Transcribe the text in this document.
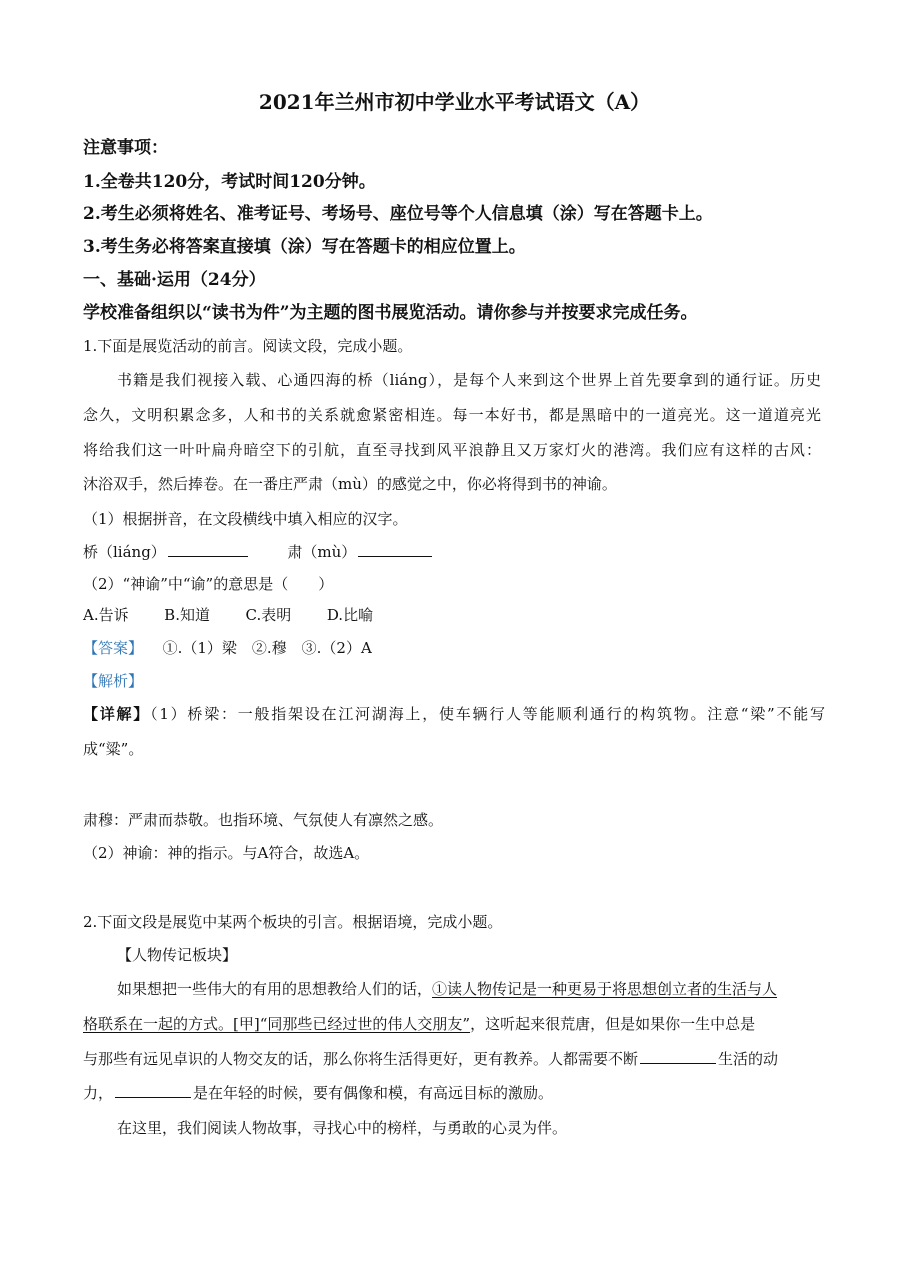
2021年兰州市初中学业水平考试语文（A）
注意事项：
1.全卷共120分，考试时间120分钟。
2.考生必须将姓名、准考证号、考场号、座位号等个人信息填（涂）写在答题卡上。
3.考生务必将答案直接填（涂）写在答题卡的相应位置上。
一、基础·运用（24分）
学校准备组织以“读书为件”为主题的图书展览活动。请你参与并按要求完成任务。
1.下面是展览活动的前言。阅读文段，完成小题。
书籍是我们视接入载、心通四海的桥（liáng），是每个人来到这个世界上首先要拿到的通行证。历史
念久，文明积累念多，人和书的关系就愈紧密相连。每一本好书，都是黑暗中的一道亮光。这一道道亮光
将给我们这一叶叶扁舟暗空下的引航，直至寻找到风平浪静且又万家灯火的港湾。我们应有这样的古风：
沐浴双手，然后捧卷。在一番庄严肃（mù）的感觉之中，你必将得到书的神谕。
（1）根据拼音，在文段横线中填入相应的汉字。
桥（liáng）	肃（mù）
（2）“神谕”中“谕”的意思是（　　）
A.告诉 B.知道 C.表明 D.比喻
【答案】 ①.（1）梁　②.穆　③.（2）A
【解析】
【详解】（1）桥梁：一般指架设在江河湖海上，使车辆行人等能顺利通行的构筑物。注意“梁”不能写
成“粱”。
肃穆：严肃而恭敬。也指环境、气氛使人有凛然之感。
（2）神谕：神的指示。与A符合，故选A。
2.下面文段是展览中某两个板块的引言。根据语境，完成小题。
【人物传记板块】
如果想把一些伟大的有用的思想教给人们的话，①读人物传记是一种更易于将思想创立者的生活与人
格联系在一起的方式。[甲]“同那些已经过世的伟人交朋友”，这听起来很荒唐，但是如果你一生中总是
与那些有远见卓识的人物交友的话，那么你将生活得更好，更有教养。人都需要不断	生活的动
力，	是在年轻的时候，要有偶像和模，有高远目标的激励。
在这里，我们阅读人物故事，寻找心中的榜样，与勇敢的心灵为伴。
